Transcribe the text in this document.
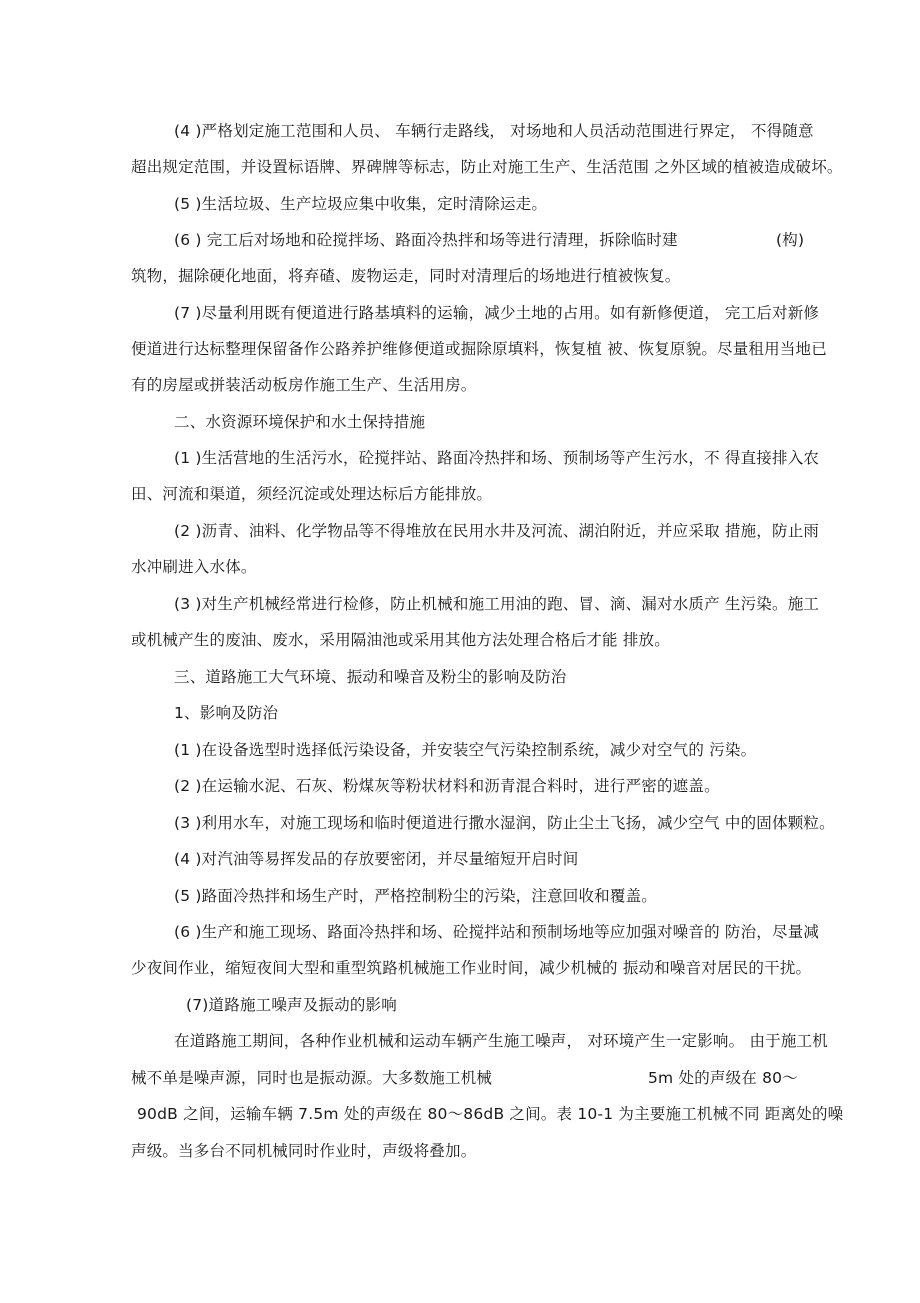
(4 )严格划定施工范围和人员、 车辆行走路线， 对场地和人员活动范围进行界定， 不得随意
超出规定范围，并设置标语牌、界碑牌等标志，防止对施工生产、生活范围 之外区域的植被造成破坏。
(5 )生活垃圾、生产垃圾应集中收集，定时清除运走。
(6 ) 完工后对场地和砼搅拌场、路面冷热拌和场等进行清理，拆除临时建	(构)
筑物，掘除硬化地面，将弃碴、废物运走，同时对清理后的场地进行植被恢复。
(7 )尽量利用既有便道进行路基填料的运输，减少土地的占用。如有新修便道， 完工后对新修
便道进行达标整理保留备作公路养护维修便道或掘除原填料，恢复植 被、恢复原貌。尽量租用当地已
有的房屋或拼装活动板房作施工生产、生活用房。
二、水资源环境保护和水土保持措施
(1 )生活营地的生活污水，砼搅拌站、路面冷热拌和场、预制场等产生污水，不 得直接排入农
田、河流和渠道，须经沉淀或处理达标后方能排放。
(2 )沥青、油料、化学物品等不得堆放在民用水井及河流、湖泊附近，并应采取 措施，防止雨
水冲刷进入水体。
(3 )对生产机械经常进行检修，防止机械和施工用油的跑、冒、滴、漏对水质产 生污染。施工
或机械产生的废油、废水，采用隔油池或采用其他方法处理合格后才能 排放。
三、道路施工大气环境、振动和噪音及粉尘的影响及防治
1、影响及防治
(1 )在设备选型时选择低污染设备，并安装空气污染控制系统，减少对空气的 污染。
(2 )在运输水泥、石灰、粉煤灰等粉状材料和沥青混合料时，进行严密的遮盖。
(3 )利用水车，对施工现场和临时便道进行撒水湿润，防止尘土飞扬，减少空气 中的固体颗粒。
(4 )对汽油等易挥发品的存放要密闭，并尽量缩短开启时间
(5 )路面冷热拌和场生产时，严格控制粉尘的污染，注意回收和覆盖。
(6 )生产和施工现场、路面冷热拌和场、砼搅拌站和预制场地等应加强对噪音的 防治，尽量减
少夜间作业，缩短夜间大型和重型筑路机械施工作业时间，减少机械的 振动和噪音对居民的干扰。
(7)道路施工噪声及振动的影响
在道路施工期间，各种作业机械和运动车辆产生施工噪声， 对环境产生一定影响。 由于施工机
械不单是噪声源，同时也是振动源。大多数施工机械	5m 处的声级在 80～
90dB 之间，运输车辆 7.5m 处的声级在 80～86dB 之间。表 10-1 为主要施工机械不同 距离处的噪
声级。当多台不同机械同时作业时，声级将叠加。
